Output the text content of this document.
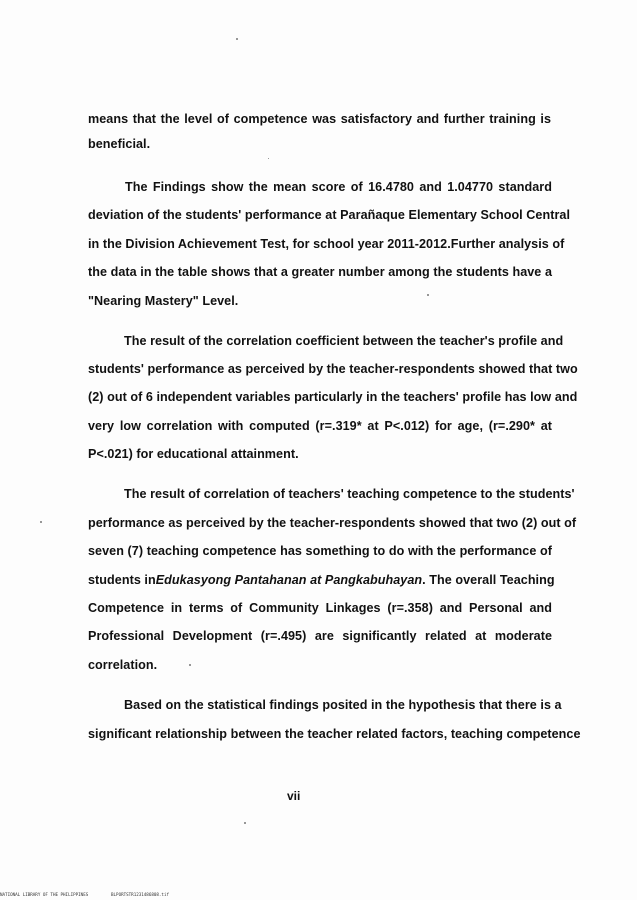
means that the level of competence was satisfactory and further training is
beneficial.
The Findings show the mean score of 16.4780 and 1.04770 standard
deviation of the students' performance at Parañaque Elementary School Central
in the Division Achievement Test, for school year 2011-2012.Further analysis of
the data in the table shows that a greater number among the students have a
"Nearing Mastery" Level.
The result of the correlation coefficient between the teacher's profile and
students' performance as perceived by the teacher-respondents showed that two
(2) out of 6 independent variables particularly in the teachers' profile has low and
very low correlation with computed (r=.319* at P<.012) for age, (r=.290* at
P<.021) for educational attainment.
The result of correlation of teachers' teaching competence to the students'
performance as perceived by the teacher-respondents showed that two (2) out of
seven (7) teaching competence has something to do with the performance of
students in Edukasyong Pantahanan at Pangkabuhayan . The overall Teaching
Competence in terms of Community Linkages (r=.358) and Personal and
Professional Development (r=.495) are significantly related at moderate
correlation.
Based on the statistical findings posited in the hypothesis that there is a
significant relationship between the teacher related factors, teaching competence
vii
NATIONAL LIBRARY OF THE PHILIPPINES	BLPORTSTR1231486808.tif
